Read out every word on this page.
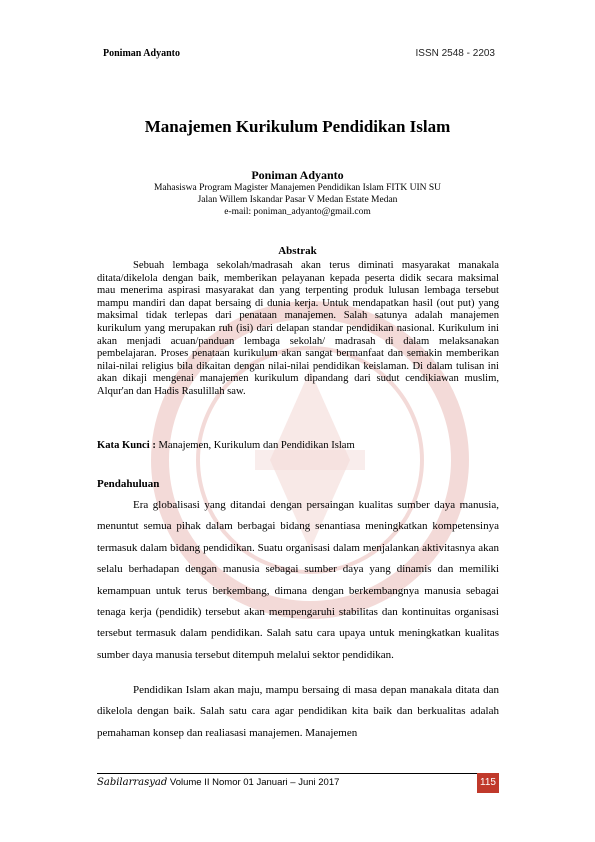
Poniman Adyanto	ISSN 2548 - 2203
Manajemen Kurikulum Pendidikan Islam
Poniman Adyanto
Mahasiswa Program Magister Manajemen Pendidikan Islam FITK UIN SU
Jalan Willem Iskandar Pasar V Medan Estate Medan
e-mail: poniman_adyanto@gmail.com
Abstrak
Sebuah lembaga sekolah/madrasah akan terus diminati masyarakat manakala ditata/dikelola dengan baik, memberikan pelayanan kepada peserta didik secara maksimal mau menerima aspirasi masyarakat dan yang terpenting produk lulusan lembaga tersebut mampu mandiri dan dapat bersaing di dunia kerja. Untuk mendapatkan hasil (out put) yang maksimal tidak terlepas dari penataan manajemen. Salah satunya adalah manajemen kurikulum yang merupakan ruh (isi) dari delapan standar pendidikan nasional. Kurikulum ini akan menjadi acuan/panduan lembaga sekolah/ madrasah di dalam melaksanakan pembelajaran. Proses penataan kurikulum akan sangat bermanfaat dan semakin memberikan nilai-nilai religius bila dikaitan dengan nilai-nilai pendidikan keislaman. Di dalam tulisan ini akan dikaji mengenai manajemen kurikulum dipandang dari sudut cendikiawan muslim, Alqur'an dan Hadis Rasulillah saw.
Kata Kunci : Manajemen, Kurikulum dan Pendidikan Islam
Pendahuluan
Era globalisasi yang ditandai dengan persaingan kualitas sumber daya manusia, menuntut semua pihak dalam berbagai bidang senantiasa meningkatkan kompetensinya termasuk dalam bidang pendidikan. Suatu organisasi dalam menjalankan aktivitasnya akan selalu berhadapan dengan manusia sebagai sumber daya yang dinamis dan memiliki kemampuan untuk terus berkembang, dimana dengan berkembangnya manusia sebagai tenaga kerja (pendidik) tersebut akan mempengaruhi stabilitas dan kontinuitas organisasi tersebut termasuk dalam pendidikan. Salah satu cara upaya untuk meningkatkan kualitas sumber daya manusia tersebut ditempuh melalui sektor pendidikan.
Pendidikan Islam akan maju, mampu bersaing di masa depan manakala ditata dan dikelola dengan baik. Salah satu cara agar pendidikan kita baik dan berkualitas adalah pemahaman konsep dan realiasasi manajemen. Manajemen
Sabilarrasyad Volume II Nomor 01 Januari – Juni 2017	115
